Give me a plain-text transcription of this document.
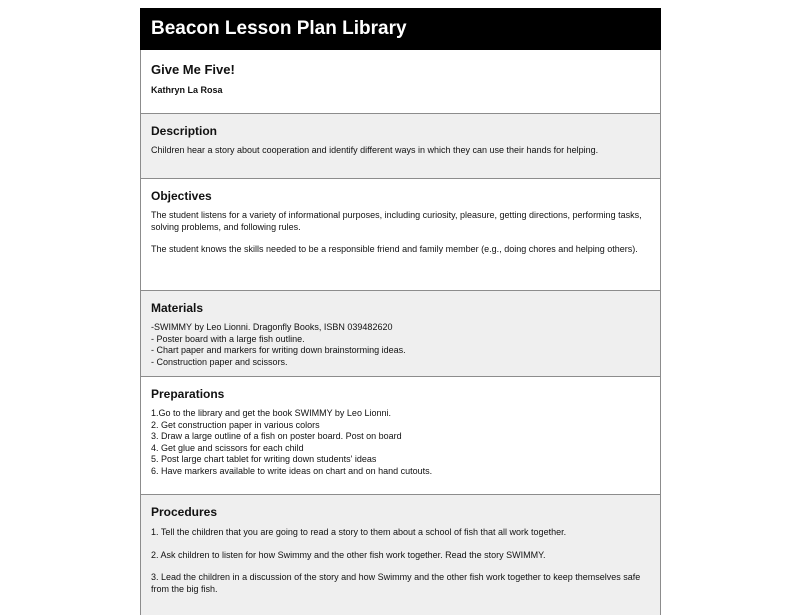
Beacon Lesson Plan Library
Give Me Five!
Kathryn La Rosa
Description

Children hear a story about cooperation and identify different ways in which they can use their hands for helping.

Objectives

The student listens for a variety of informational purposes, including curiosity, pleasure, getting directions, performing tasks, solving problems, and following rules.

The student knows the skills needed to be a responsible friend and family member (e.g., doing chores and helping others).

Materials
-SWIMMY by Leo Lionni. Dragonfly Books, ISBN 039482620
- Poster board with a large fish outline.
- Chart paper and markers for writing down brainstorming ideas.
- Construction paper and scissors.
Preparations
1.Go to the library and get the book SWIMMY by Leo Lionni.
2. Get construction paper in various colors
3. Draw a large outline of a fish on poster board. Post on board
4. Get glue and scissors for each child
5. Post large chart tablet for writing down students' ideas
6. Have markers available to write ideas on chart and on hand cutouts.
Procedures

1. Tell the children that you are going to read a story to them about a school of fish that all work together.

2. Ask children to listen for how Swimmy and the other fish work together. Read the story SWIMMY.

3. Lead the children in a discussion of the story and how Swimmy and the other fish work together to keep themselves safe from the big fish.
